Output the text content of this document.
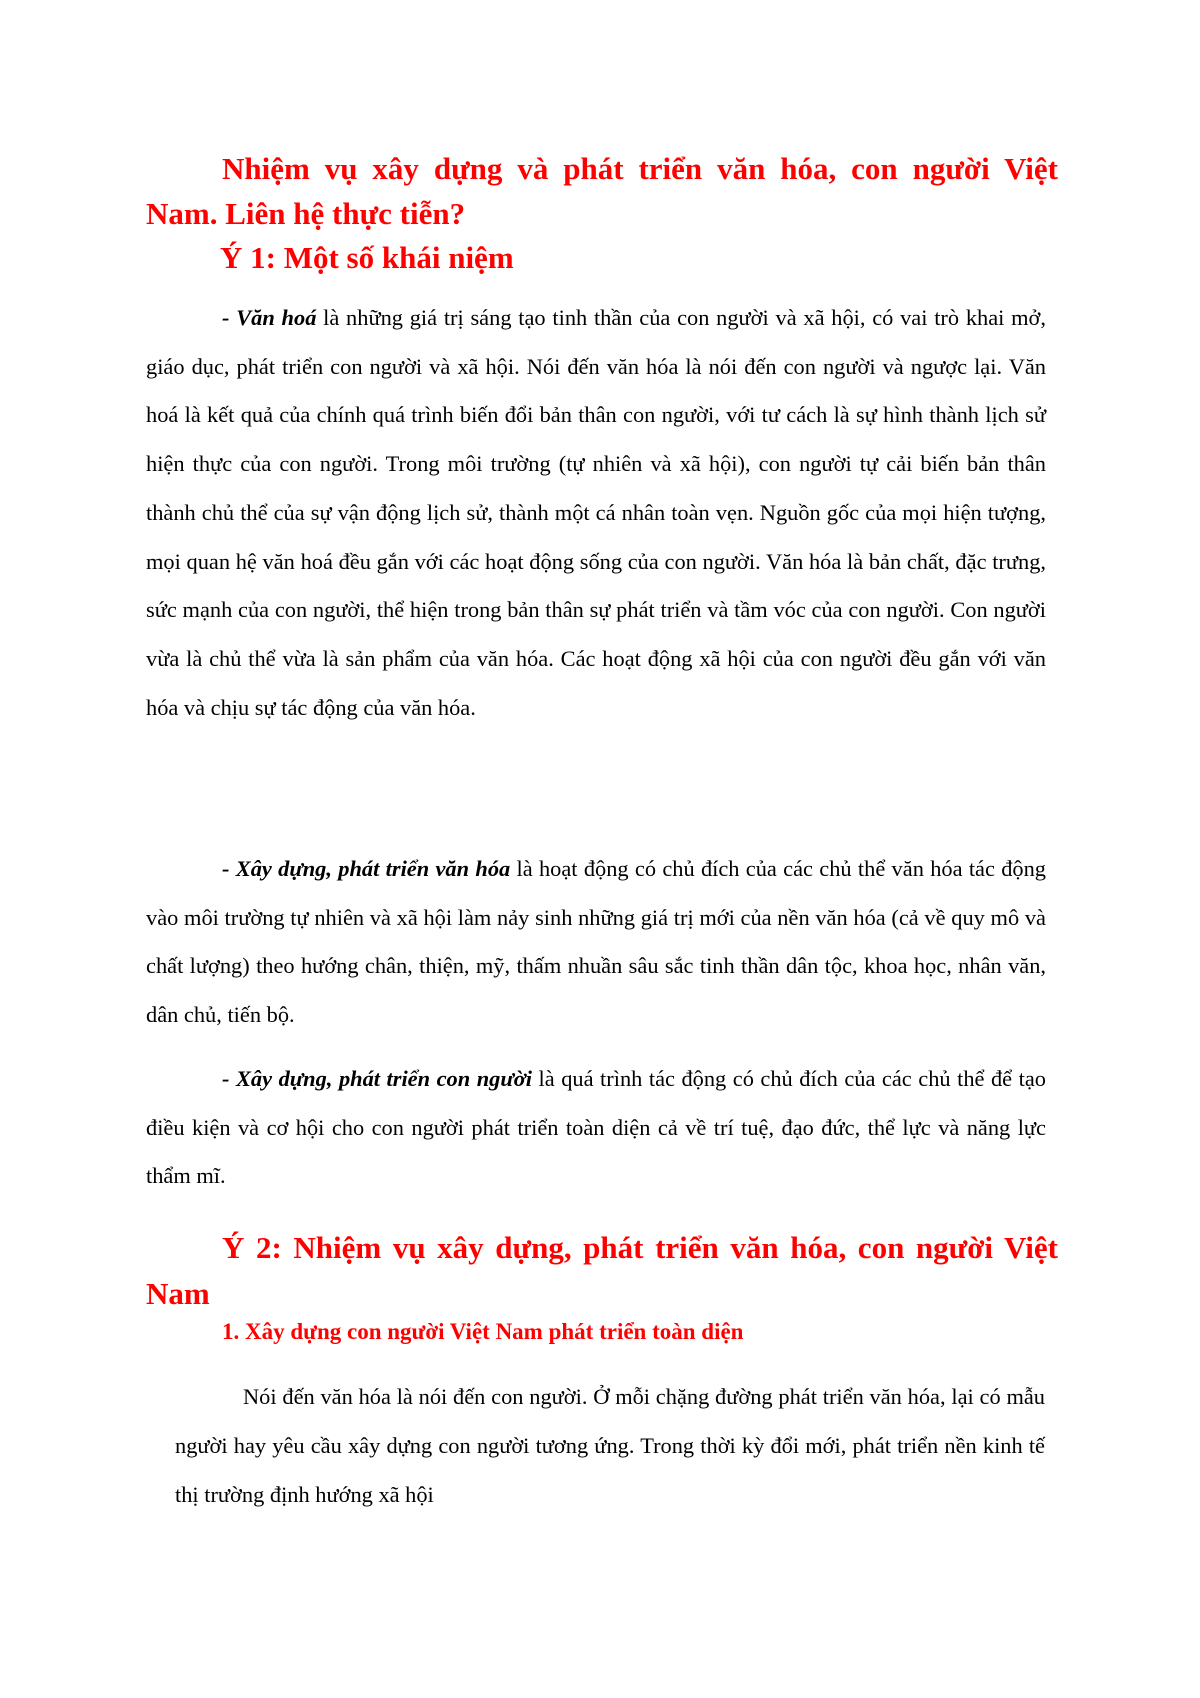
Nhiệm vụ xây dựng và phát triển văn hóa, con người Việt Nam. Liên hệ thực tiễn?
Ý 1: Một số khái niệm

- Văn hoá là những giá trị sáng tạo tinh thần của con người và xã hội, có vai trò khai mở, giáo dục, phát triển con người và xã hội. Nói đến văn hóa là nói đến con người và ngược lại. Văn hoá là kết quả của chính quá trình biến đổi bản thân con người, với tư cách là sự hình thành lịch sử hiện thực của con người. Trong môi trường (tự nhiên và xã hội), con người tự cải biến bản thân thành chủ thể của sự vận động lịch sử, thành một cá nhân toàn vẹn. Nguồn gốc của mọi hiện tượng, mọi quan hệ văn hoá đều gắn với các hoạt động sống của con người. Văn hóa là bản chất, đặc trưng, sức mạnh của con người, thể hiện trong bản thân sự phát triển và tầm vóc của con người. Con người vừa là chủ thể vừa là sản phẩm của văn hóa. Các hoạt động xã hội của con người đều gắn với văn hóa và chịu sự tác động của văn hóa.

- Xây dựng, phát triển văn hóa là hoạt động có chủ đích của các chủ thể văn hóa tác động vào môi trường tự nhiên và xã hội làm nảy sinh những giá trị mới của nền văn hóa (cả về quy mô và chất lượng) theo hướng chân, thiện, mỹ, thấm nhuần sâu sắc tinh thần dân tộc, khoa học, nhân văn, dân chủ, tiến bộ.

- Xây dựng, phát triển con người là quá trình tác động có chủ đích của các chủ thể để tạo điều kiện và cơ hội cho con người phát triển toàn diện cả về trí tuệ, đạo đức, thể lực và năng lực thẩm mĩ.

Ý 2: Nhiệm vụ xây dựng, phát triển văn hóa, con người Việt Nam
1. Xây dựng con người Việt Nam phát triển toàn diện

Nói đến văn hóa là nói đến con người. Ở mỗi chặng đường phát triển văn hóa, lại có mẫu người hay yêu cầu xây dựng con người tương ứng. Trong thời kỳ đổi mới, phát triển nền kinh tế thị trường định hướng xã hội
